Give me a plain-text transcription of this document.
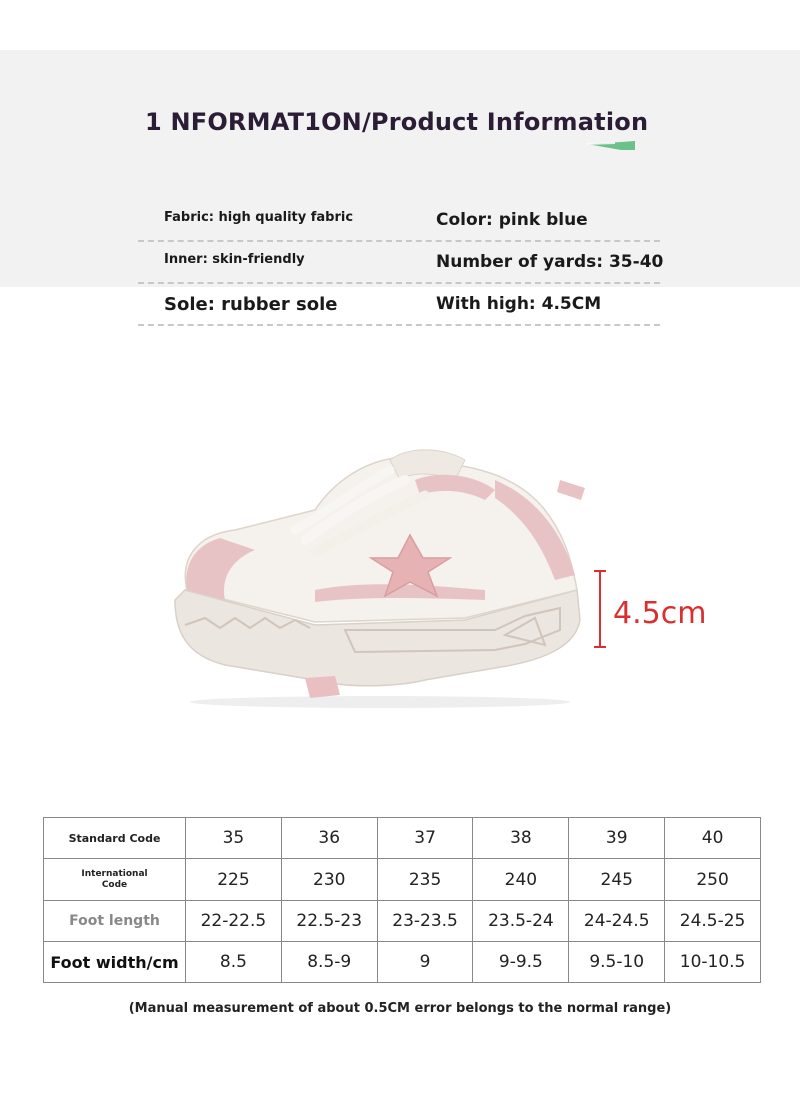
1 NFORMAT1ON/Product Information
Fabric: high quality fabric	Color: pink blue
Inner: skin-friendly	Number of yards: 35-40
Sole: rubber sole	With high: 4.5CM
4.5cm
Standard Code	35	36	37	38	39	40

International
Code	225	230	235	240	245	250
Foot length	22-22.5	22.5-23	23-23.5	23.5-24	24-24.5	24.5-25
Foot width/cm	8.5	8.5-9	9	9-9.5	9.5-10	10-10.5
(Manual measurement of about 0.5CM error belongs to the normal range)
